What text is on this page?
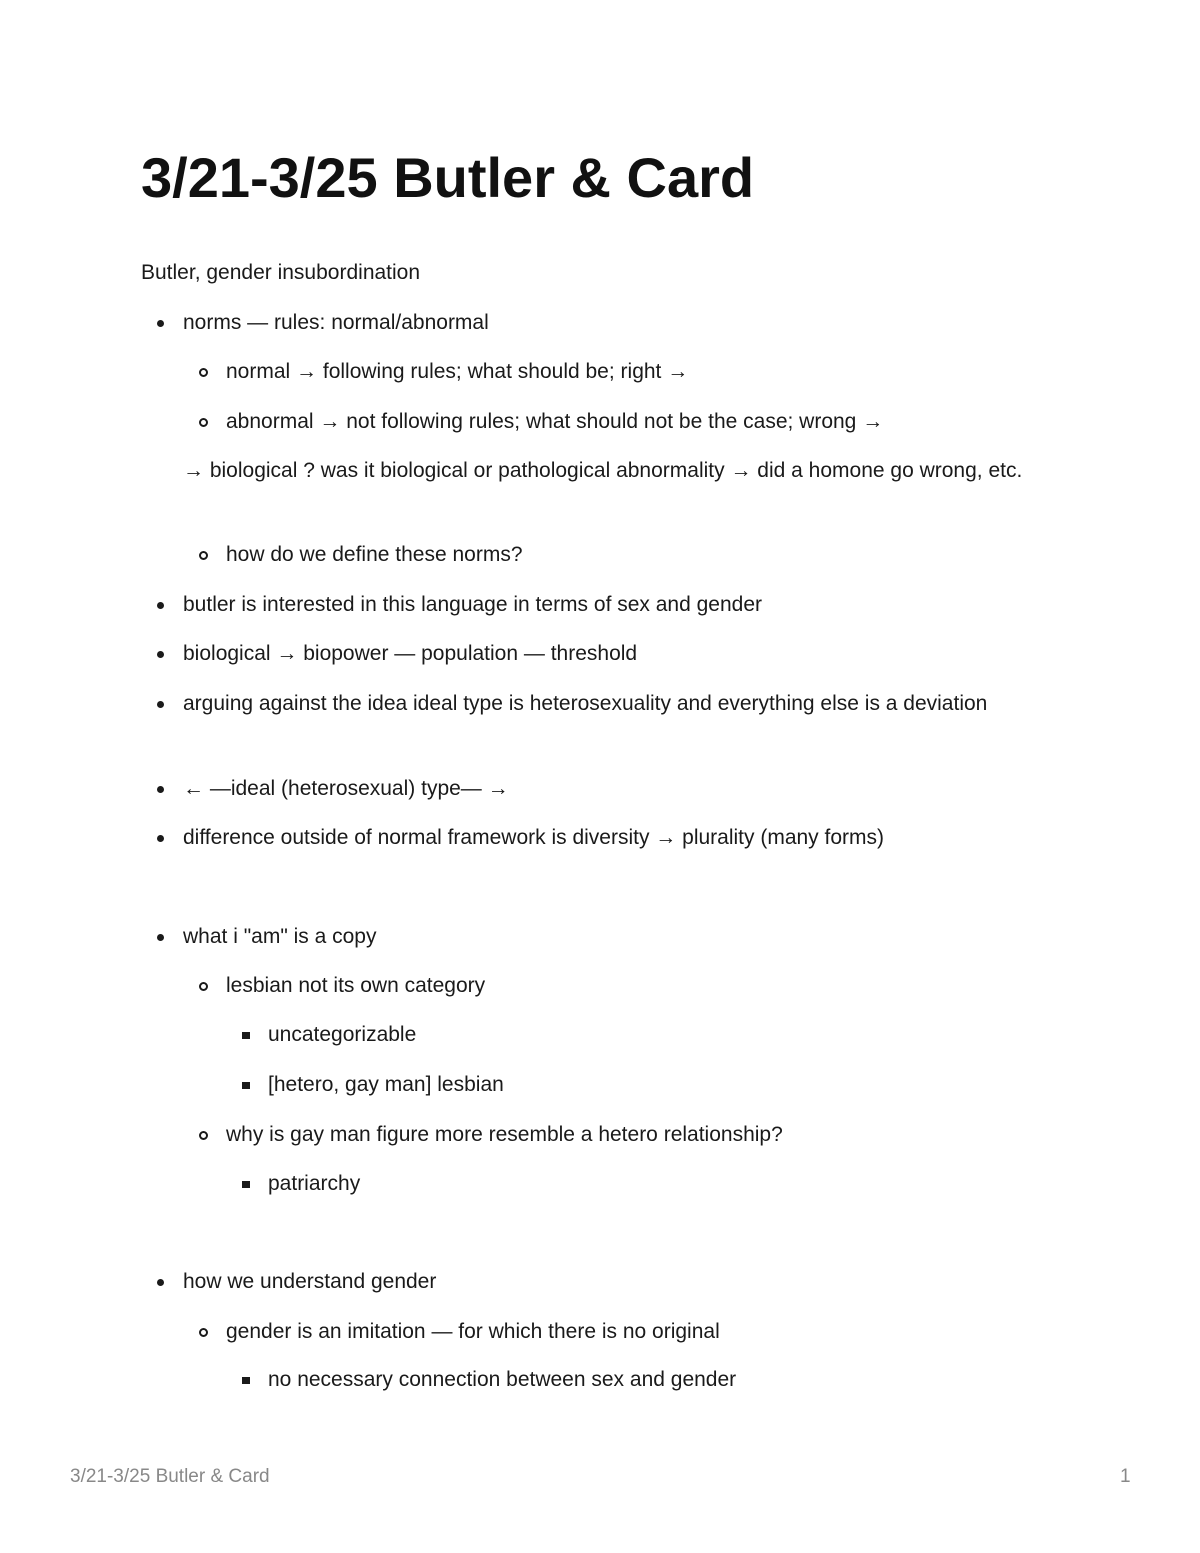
3/21-3/25 Butler & Card

Butler, gender insubordination

norms — rules: normal/abnormal
normal → following rules; what should be; right →
abnormal → not following rules; what should not be the case; wrong →
→ biological ? was it biological or pathological abnormality → did a homone go wrong, etc.
how do we define these norms?
butler is interested in this language in terms of sex and gender
biological → biopower — population — threshold
arguing against the idea ideal type is heterosexuality and everything else is a deviation
← —ideal (heterosexual) type— →
difference outside of normal framework is diversity → plurality (many forms)
what i "am" is a copy
lesbian not its own category
uncategorizable
[hetero, gay man] lesbian
why is gay man figure more resemble a hetero relationship?
patriarchy
how we understand gender
gender is an imitation — for which there is no original
no necessary connection between sex and gender
3/21-3/25 Butler & Card	1
